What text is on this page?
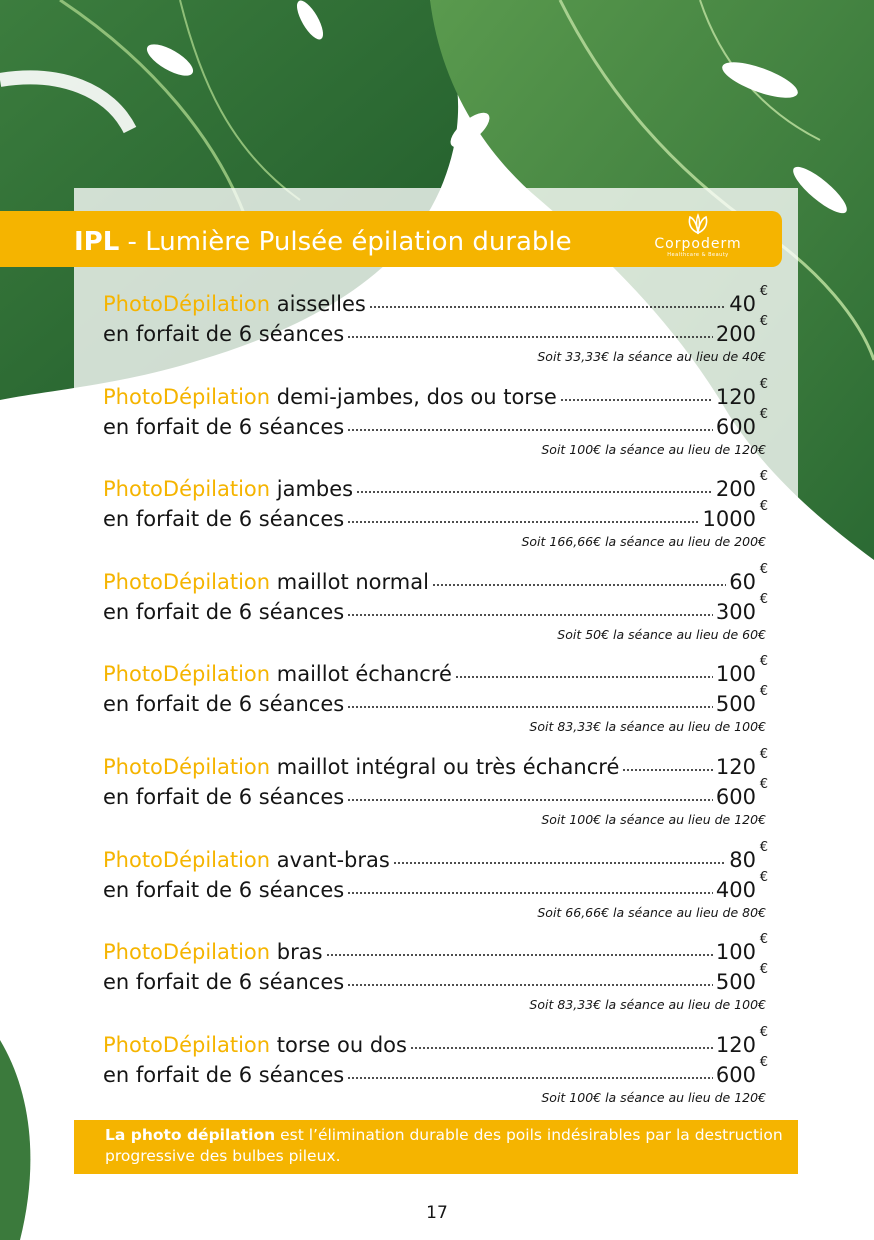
IPL - Lumière Pulsée épilation durable	Corpoderm
Healthcare & Beauty
PhotoDépilation aisselles	40
€
en forfait de 6 séances	200
€
Soit 33,33€ la séance au lieu de 40€
PhotoDépilation demi-jambes, dos ou torse	120
€
en forfait de 6 séances	600
€
Soit 100€ la séance au lieu de 120€
PhotoDépilation jambes	200
€
en forfait de 6 séances	1000
€
Soit 166,66€ la séance au lieu de 200€
PhotoDépilation maillot normal	60
€
en forfait de 6 séances	300
€
Soit 50€ la séance au lieu de 60€
PhotoDépilation maillot échancré	100
€
en forfait de 6 séances	500
€
Soit 83,33€ la séance au lieu de 100€
PhotoDépilation maillot intégral ou très échancré	120
€
en forfait de 6 séances	600
€
Soit 100€ la séance au lieu de 120€
PhotoDépilation avant-bras	80
€
en forfait de 6 séances	400
€
Soit 66,66€ la séance au lieu de 80€
PhotoDépilation bras	100
€
en forfait de 6 séances	500
€
Soit 83,33€ la séance au lieu de 100€
PhotoDépilation torse ou dos	120
€
en forfait de 6 séances	600
€
Soit 100€ la séance au lieu de 120€
La photo dépilation est l’élimination durable des poils indésirables par la destruction progressive des bulbes pileux.
17
